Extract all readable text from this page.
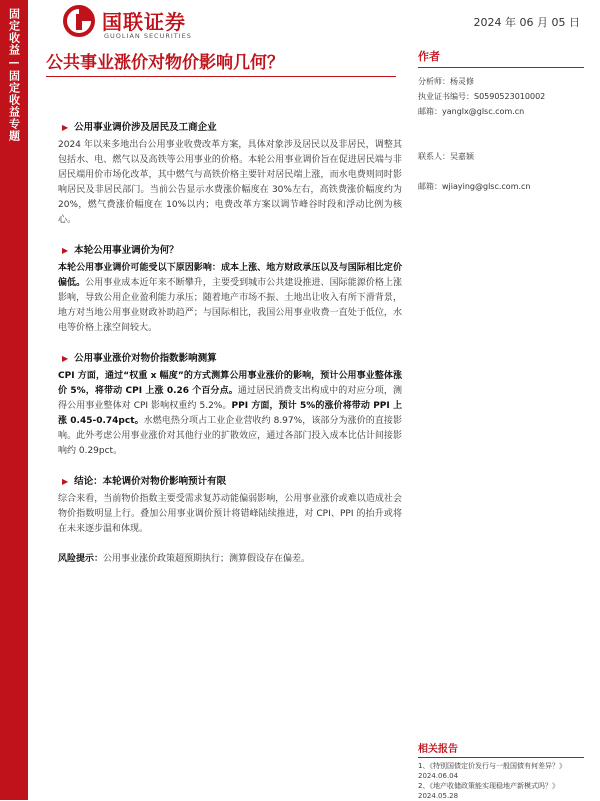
固定收益—固定收益专题	国联证券
GUOLIAN SECURITIES
2024 年 06 月 05 日
公共事业涨价对物价影响几何？
▶ 公用事业调价涉及居民及工商企业

2024 年以来多地出台公用事业收费改革方案，具体对象涉及居民以及非居民，调整其包括水、电、燃气以及高铁等公用事业的价格。本轮公用事业调价旨在促进居民端与非居民端用价市场化改革，其中燃气与高铁价格主要针对居民端上涨，而水电费则同时影响居民及非居民部门。当前公告显示水费涨价幅度在 30%左右，高铁费涨价幅度约为 20%，燃气费涨价幅度在 10%以内；电费改革方案以调节峰谷时段和浮动比例为核心。

▶ 本轮公用事业调价为何？

本轮公用事业调价可能受以下原因影响：成本上涨、地方财政承压以及与国际相比定价偏低。公用事业成本近年来不断攀升，主要受到城市公共建设推进、国际能源价格上涨影响，导致公用企业盈利能力承压；随着地产市场不振、土地出让收入有所下滑背景，地方对当地公用事业财政补助趋严；与国际相比，我国公用事业收费一直处于低位，水电等价格上涨空间较大。

▶ 公用事业涨价对物价指数影响测算

CPI 方面，通过“权重 x 幅度”的方式测算公用事业涨价的影响，预计公用事业整体涨价 5%，将带动 CPI 上涨 0.26 个百分点。通过居民消费支出构成中的对应分项，测得公用事业整体对 CPI 影响权重约 5.2%。PPI 方面，预计 5%的涨价将带动 PPI 上涨 0.45-0.74pct。水燃电热分项占工业企业营收约 8.97%，该部分为涨价的直接影响。此外考虑公用事业涨价对其他行业的扩散效应，通过各部门投入成本比估计间接影响约 0.29pct。

▶ 结论：本轮调价对物价影响预计有限

综合来看，当前物价指数主要受需求复苏动能偏弱影响，公用事业涨价或难以造成社会物价指数明显上行。叠加公用事业调价预计将错峰陆续推进，对 CPI、PPI 的抬升或将在未来逐步温和体现。

风险提示：公用事业涨价政策超预期执行；测算假设存在偏差。
作者
分析师：杨灵修
执业证书编号：S0590523010002
邮箱：yanglx@glsc.com.cn

联系人：吴嘉颖

邮箱：wjiaying@glsc.com.cn
相关报告
1、《特别国债定价发行与一般国债有何差异？》
2024.06.04
2、《地产收储政策能实现稳地产新模式吗？》
2024.05.28
